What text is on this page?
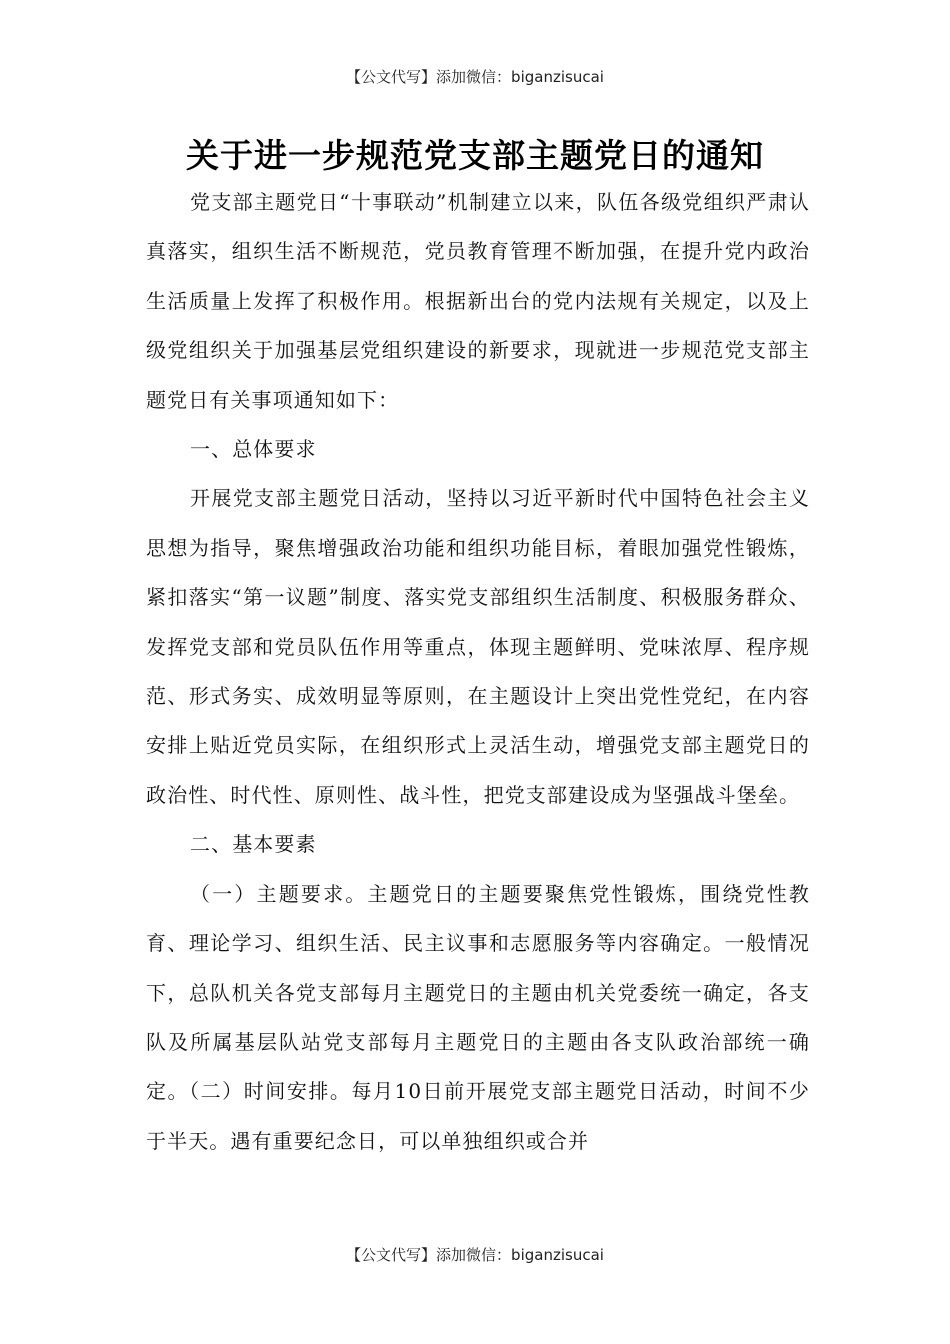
【公文代写】添加微信：biganzisucai
关于进一步规范党支部主题党日的通知

党支部主题党日“十事联动”机制建立以来，队伍各级党组织严肃认真落实，组织生活不断规范，党员教育管理不断加强，在提升党内政治生活质量上发挥了积极作用。根据新出台的党内法规有关规定，以及上级党组织关于加强基层党组织建设的新要求，现就进一步规范党支部主题党日有关事项通知如下：

一、总体要求

开展党支部主题党日活动，坚持以习近平新时代中国特色社会主义思想为指导，聚焦增强政治功能和组织功能目标，着眼加强党性锻炼，紧扣落实“第一议题”制度、落实党支部组织生活制度、积极服务群众、发挥党支部和党员队伍作用等重点，体现主题鲜明、党味浓厚、程序规范、形式务实、成效明显等原则，在主题设计上突出党性党纪，在内容安排上贴近党员实际，在组织形式上灵活生动，增强党支部主题党日的政治性、时代性、原则性、战斗性，把党支部建设成为坚强战斗堡垒。

二、基本要素

（一）主题要求。主题党日的主题要聚焦党性锻炼，围绕党性教育、理论学习、组织生活、民主议事和志愿服务等内容确定。一般情况下，总队机关各党支部每月主题党日的主题由机关党委统一确定，各支队及所属基层队站党支部每月主题党日的主题由各支队政治部统一确定。（二）时间安排。每月10日前开展党支部主题党日活动，时间不少于半天。遇有重要纪念日，可以单独组织或合并

【公文代写】添加微信：biganzisucai
